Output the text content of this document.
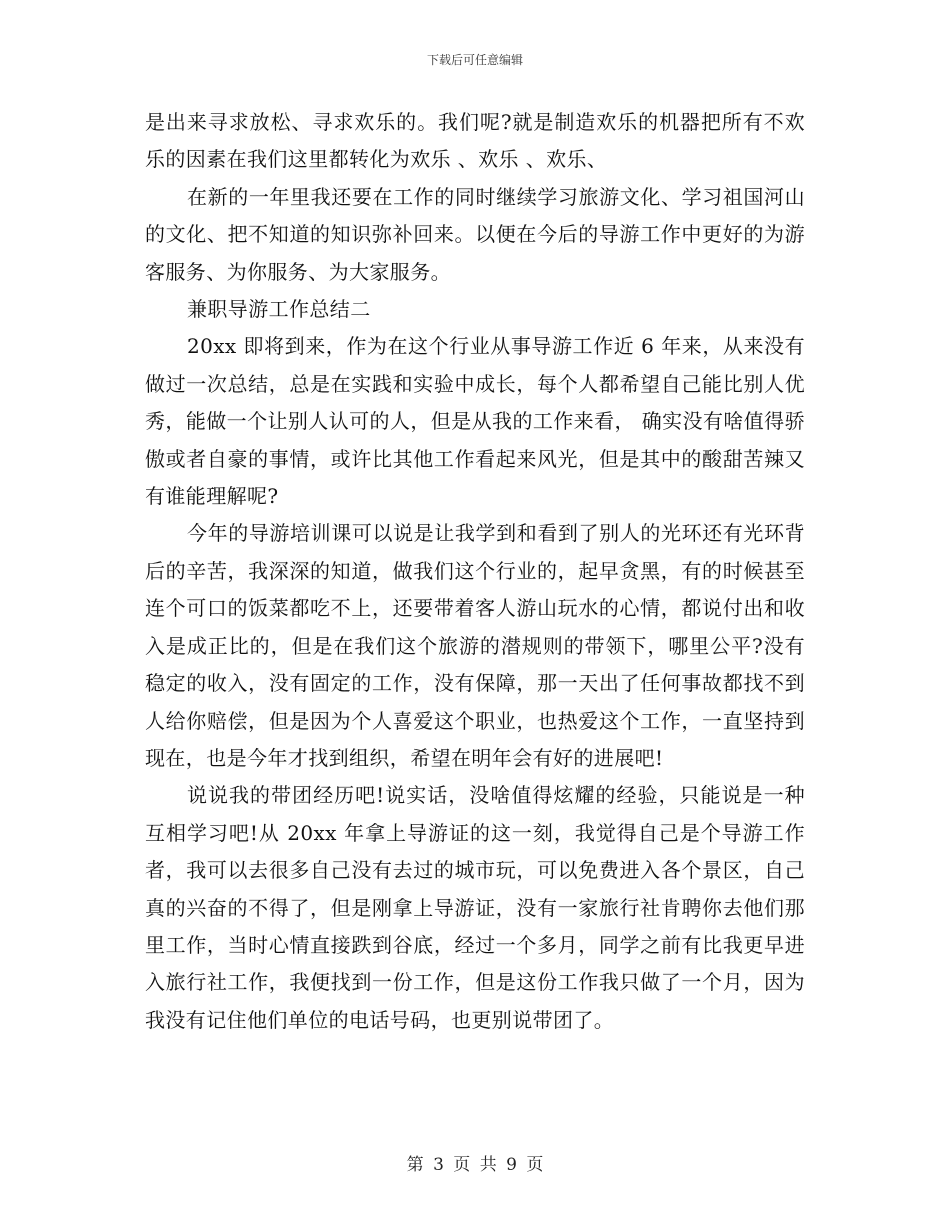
下载后可任意编辑

是出来寻求放松、寻求欢乐的。我们呢?就是制造欢乐的机器把所有不欢乐的因素在我们这里都转化为欢乐 、欢乐 、欢乐、

在新的一年里我还要在工作的同时继续学习旅游文化、学习祖国河山的文化、把不知道的知识弥补回来。以便在今后的导游工作中更好的为游客服务、为你服务、为大家服务。

兼职导游工作总结二

20xx 即将到来，作为在这个行业从事导游工作近 6 年来，从来没有做过一次总结，总是在实践和实验中成长，每个人都希望自己能比别人优秀，能做一个让别人认可的人，但是从我的工作来看， 确实没有啥值得骄傲或者自豪的事情，或许比其他工作看起来风光，但是其中的酸甜苦辣又有谁能理解呢?

今年的导游培训课可以说是让我学到和看到了别人的光环还有光环背后的辛苦，我深深的知道，做我们这个行业的，起早贪黑，有的时候甚至连个可口的饭菜都吃不上，还要带着客人游山玩水的心情，都说付出和收入是成正比的，但是在我们这个旅游的潜规则的带领下，哪里公平?没有稳定的收入，没有固定的工作，没有保障，那一天出了任何事故都找不到人给你赔偿，但是因为个人喜爱这个职业，也热爱这个工作，一直坚持到现在，也是今年才找到组织，希望在明年会有好的进展吧!

说说我的带团经历吧!说实话，没啥值得炫耀的经验，只能说是一种互相学习吧!从 20xx 年拿上导游证的这一刻，我觉得自己是个导游工作者，我可以去很多自己没有去过的城市玩，可以免费进入各个景区，自己真的兴奋的不得了，但是刚拿上导游证，没有一家旅行社肯聘你去他们那里工作，当时心情直接跌到谷底，经过一个多月，同学之前有比我更早进入旅行社工作，我便找到一份工作，但是这份工作我只做了一个月，因为我没有记住他们单位的电话号码，也更别说带团了。

第 3 页 共 9 页
